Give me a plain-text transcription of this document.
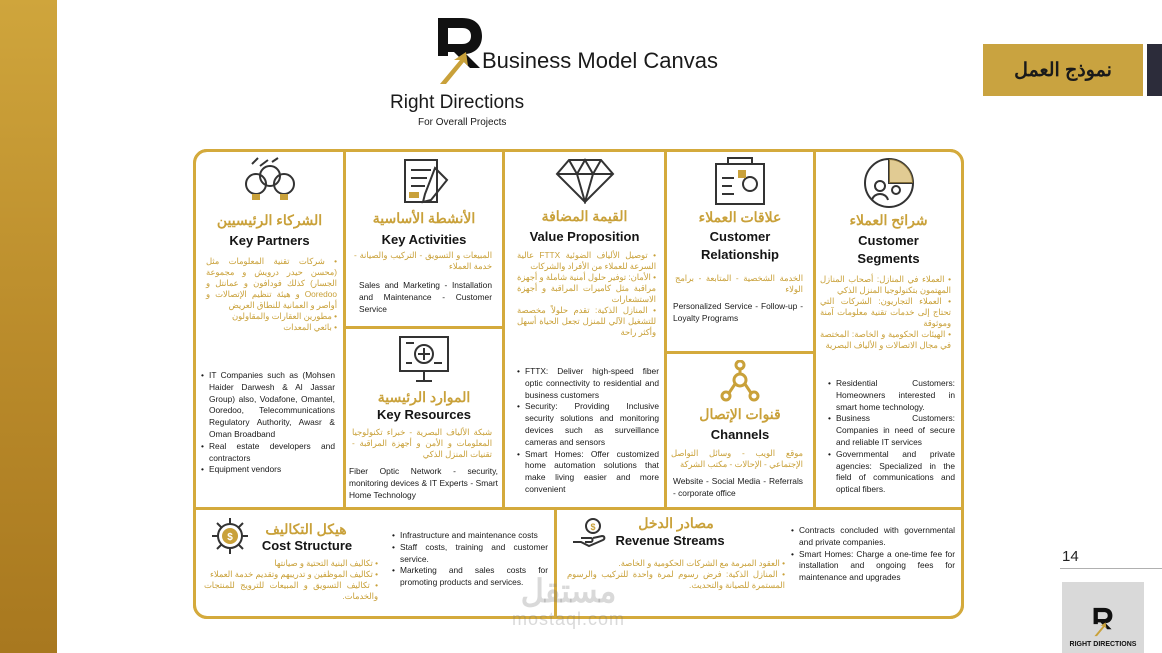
Business Model Canvas
Right Directions
For Overall Projects
نموذج العمل
14
RIGHT DIRECTIONS
الشركاء الرئيسيين
Key Partners

• شركات تقنية المعلومات مثل (محسن حيدر درويش و مجموعة الجسار) كذلك فودافون و عمانتل و Ooredoo و هيئة تنظيم الإتصالات و أواصر و العمانية للنطاق العريض

• مطورين العقارات والمقاولون

• بائعي المعدات

• IT Companies such as (Mohsen Haider Darwesh & Al Jassar Group) also, Vodafone, Omantel, Ooredoo, Telecommunications Regulatory Authority, Awasr & Oman Broadband

• Real estate developers and contractors

• Equipment vendors

الأنشطة الأساسية
Key Activities
المبيعات و التسويق - التركيب والصيانة - خدمة العملاء
Sales and Marketing - Installation and Maintenance - Customer Service
الموارد الرئيسية
Key Resources
شبكة الألياف البصرية - خبراء تكنولوجيا المعلومات و الأمن و أجهزة المراقبة - تقنيات المنزل الذكي
Fiber Optic Network - security, monitoring devices & IT Experts - Smart Home Technology
القيمة المضافة
Value Proposition

• توصيل الألياف الضوئية FTTX عالية السرعة للعملاء من الأفراد والشركات

• الأمان: توفير حلول أمنية شاملة و أجهزة مراقبة مثل كاميرات المراقبة و أجهزة الاستشعارات

• المنازل الذكية: تقدم حلولاً مخصصة للتشغيل الآلي للمنزل تجعل الحياة أسهل وأكثر راحة

• FTTX: Deliver high-speed fiber optic connectivity to residential and business customers

• Security: Providing Inclusive security solutions and monitoring devices such as surveillance cameras and sensors

• Smart Homes: Offer customized home automation solutions that make living easier and more convenient

علاقات العملاء
Customer
Relationship
الخدمة الشخصية - المتابعة - برامج الولاء
Personalized Service - Follow-up - Loyalty Programs
قنوات الإتصال
Channels
موقع الويب - وسائل التواصل الإجتماعي - الإحالات - مكتب الشركة
Website - Social Media - Referrals - corporate office
شرائح العملاء
Customer
Segments

• العملاء في المنازل: أصحاب المنازل المهتمون بتكنولوجيا المنزل الذكي

• العملاء التجاريون: الشركات التي تحتاج إلى خدمات تقنية معلومات آمنة وموثوقة

• الهيئات الحكومية و الخاصة: المختصة في مجال الاتصالات و الألياف البصرية

• Residential Customers: Homeowners interested in smart home technology.

• Business Customers: Companies in need of secure and reliable IT services

• Governmental and private agencies: Specialized in the field of communications and optical fibers.

$
هيكل التكاليف
Cost Structure

• تكاليف البنية التحتية و صيانتها

• تكاليف الموظفين و تدريبهم وتقديم خدمة العملاء

• تكاليف التسويق و المبيعات للترويج للمنتجات والخدمات.

• Infrastructure and maintenance costs

• Staff costs, training and customer service.

• Marketing and sales costs for promoting products and services.

$	مصادر الدخل
Revenue Streams

• العقود المبرمة مع الشركات الحكومية و الخاصة.

• المنازل الذكية: فرض رسوم لمرة واحدة للتركيب والرسوم المستمرة للصيانة والتحديث.

• Contracts concluded with governmental and private companies.

• Smart Homes: Charge a one-time fee for installation and ongoing fees for maintenance and upgrades

مستقل
mostaql.com
